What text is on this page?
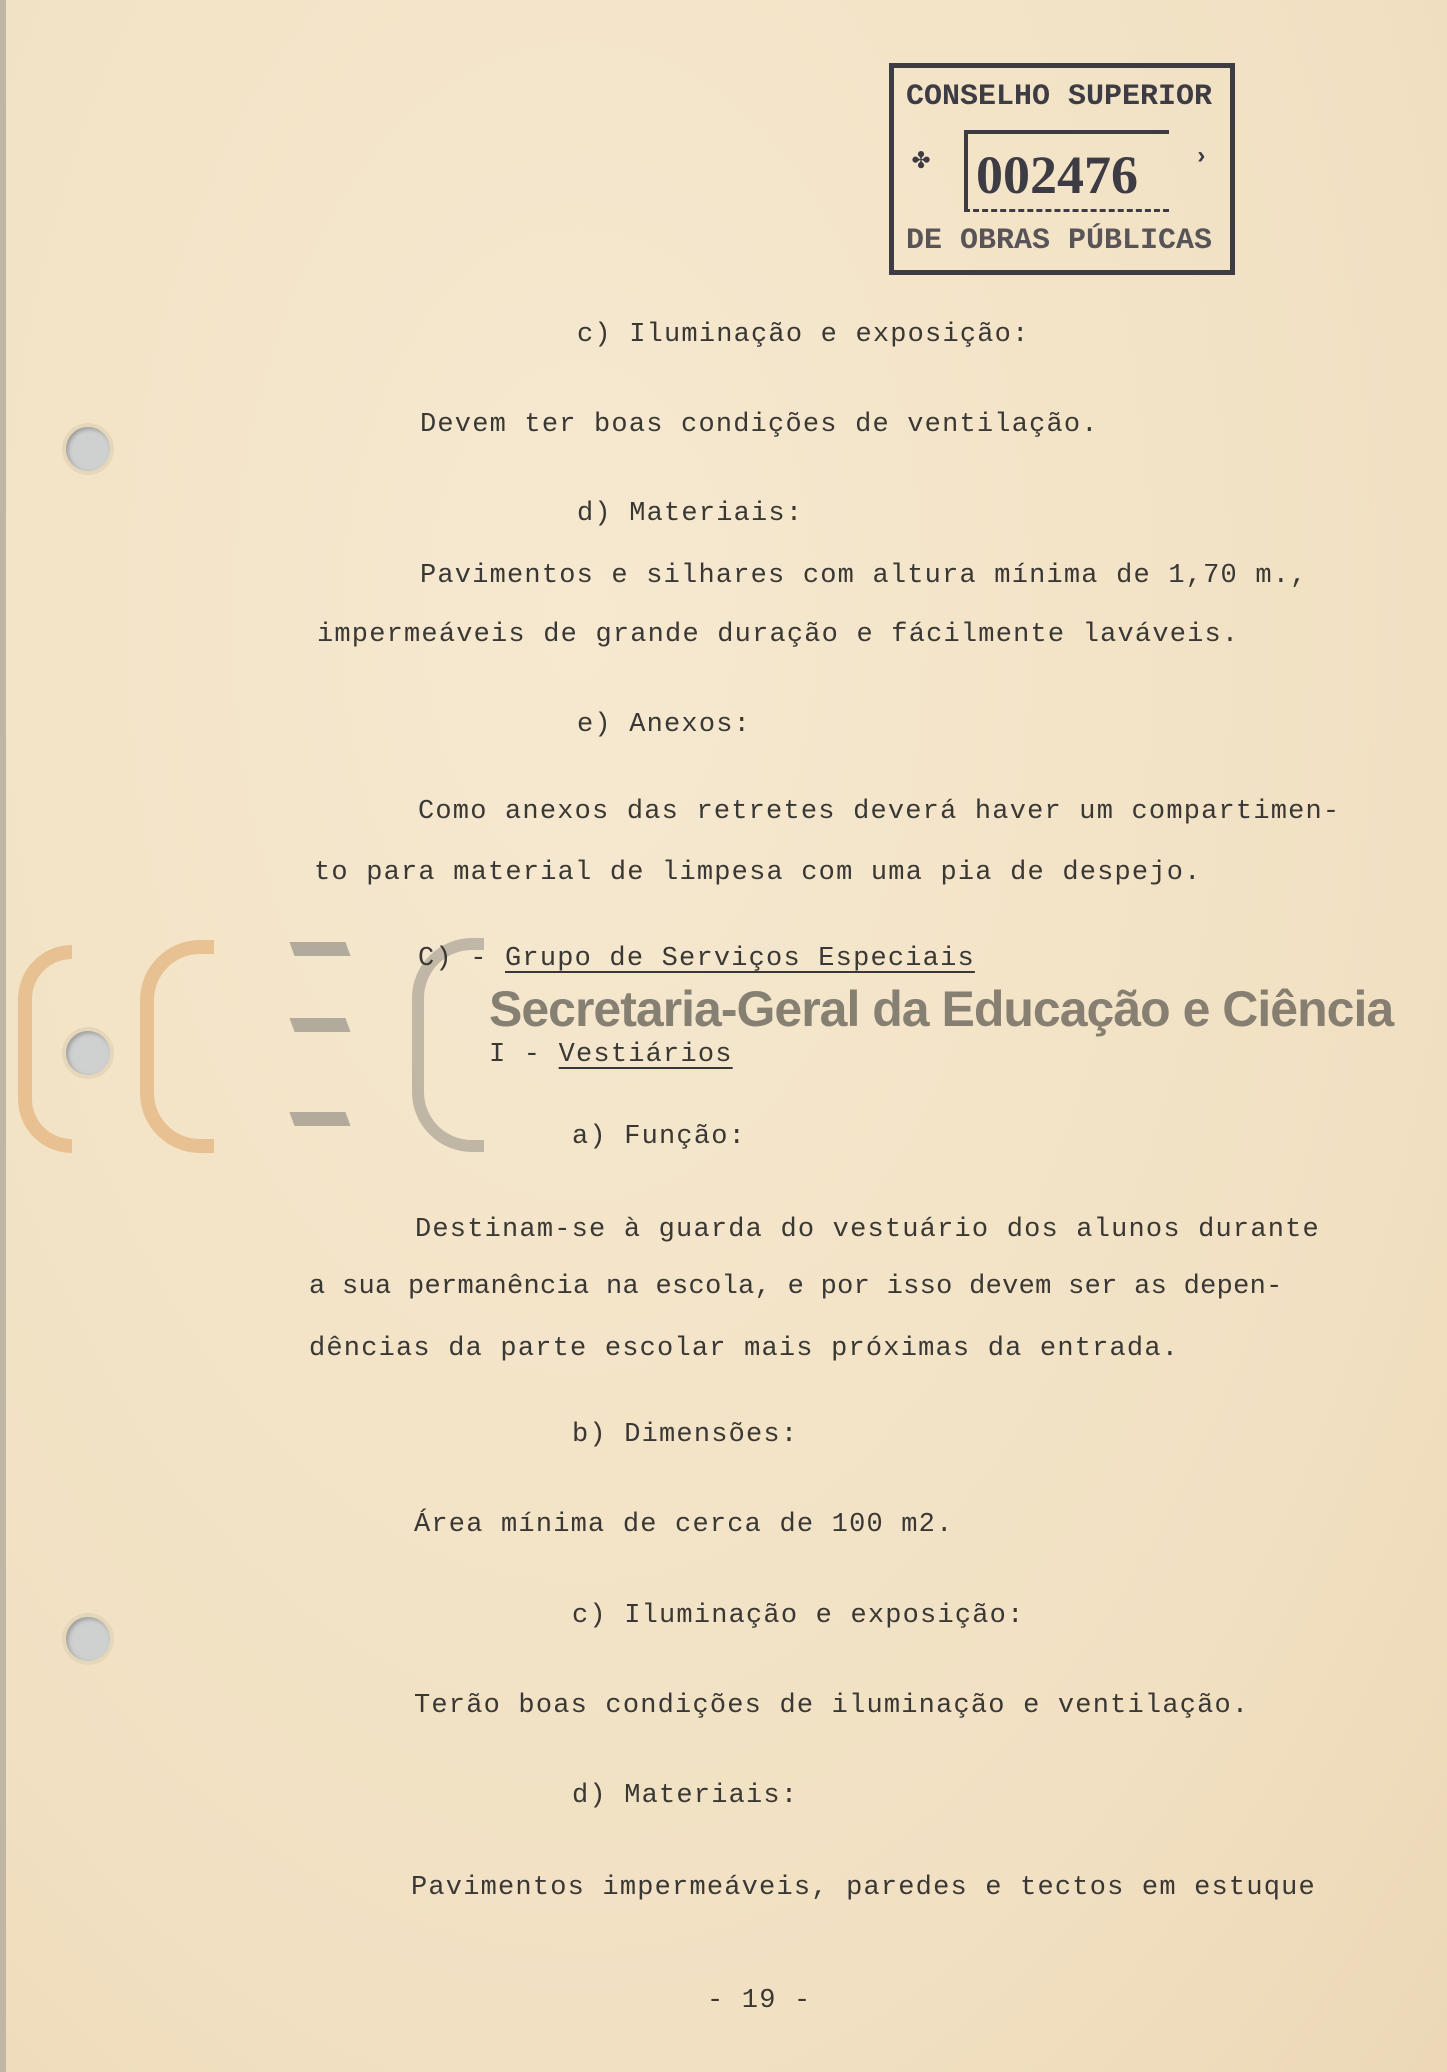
CONSELHO SUPERIOR
✤ 002476	›
DE OBRAS PÚBLICAS
c) Iluminação e exposição:
Devem ter boas condições de ventilação.
d) Materiais:
Pavimentos e silhares com altura mínima de 1,70 m.,
impermeáveis de grande duração e fácilmente laváveis.
e) Anexos:
Como anexos das retretes deverá haver um compartimen-
to para material de limpesa com uma pia de despejo.
C) - Grupo de Serviços Especiais
I - Vestiários
a) Função:
Destinam-se à guarda do vestuário dos alunos durante
a sua permanência na escola, e por isso devem ser as depen-
dências da parte escolar mais próximas da entrada.
b) Dimensões:
Área mínima de cerca de 100 m2.
c) Iluminação e exposição:
Terão boas condições de iluminação e ventilação.
d) Materiais:
Pavimentos impermeáveis, paredes e tectos em estuque
- 19 -
Secretaria-Geral da Educação e Ciência
